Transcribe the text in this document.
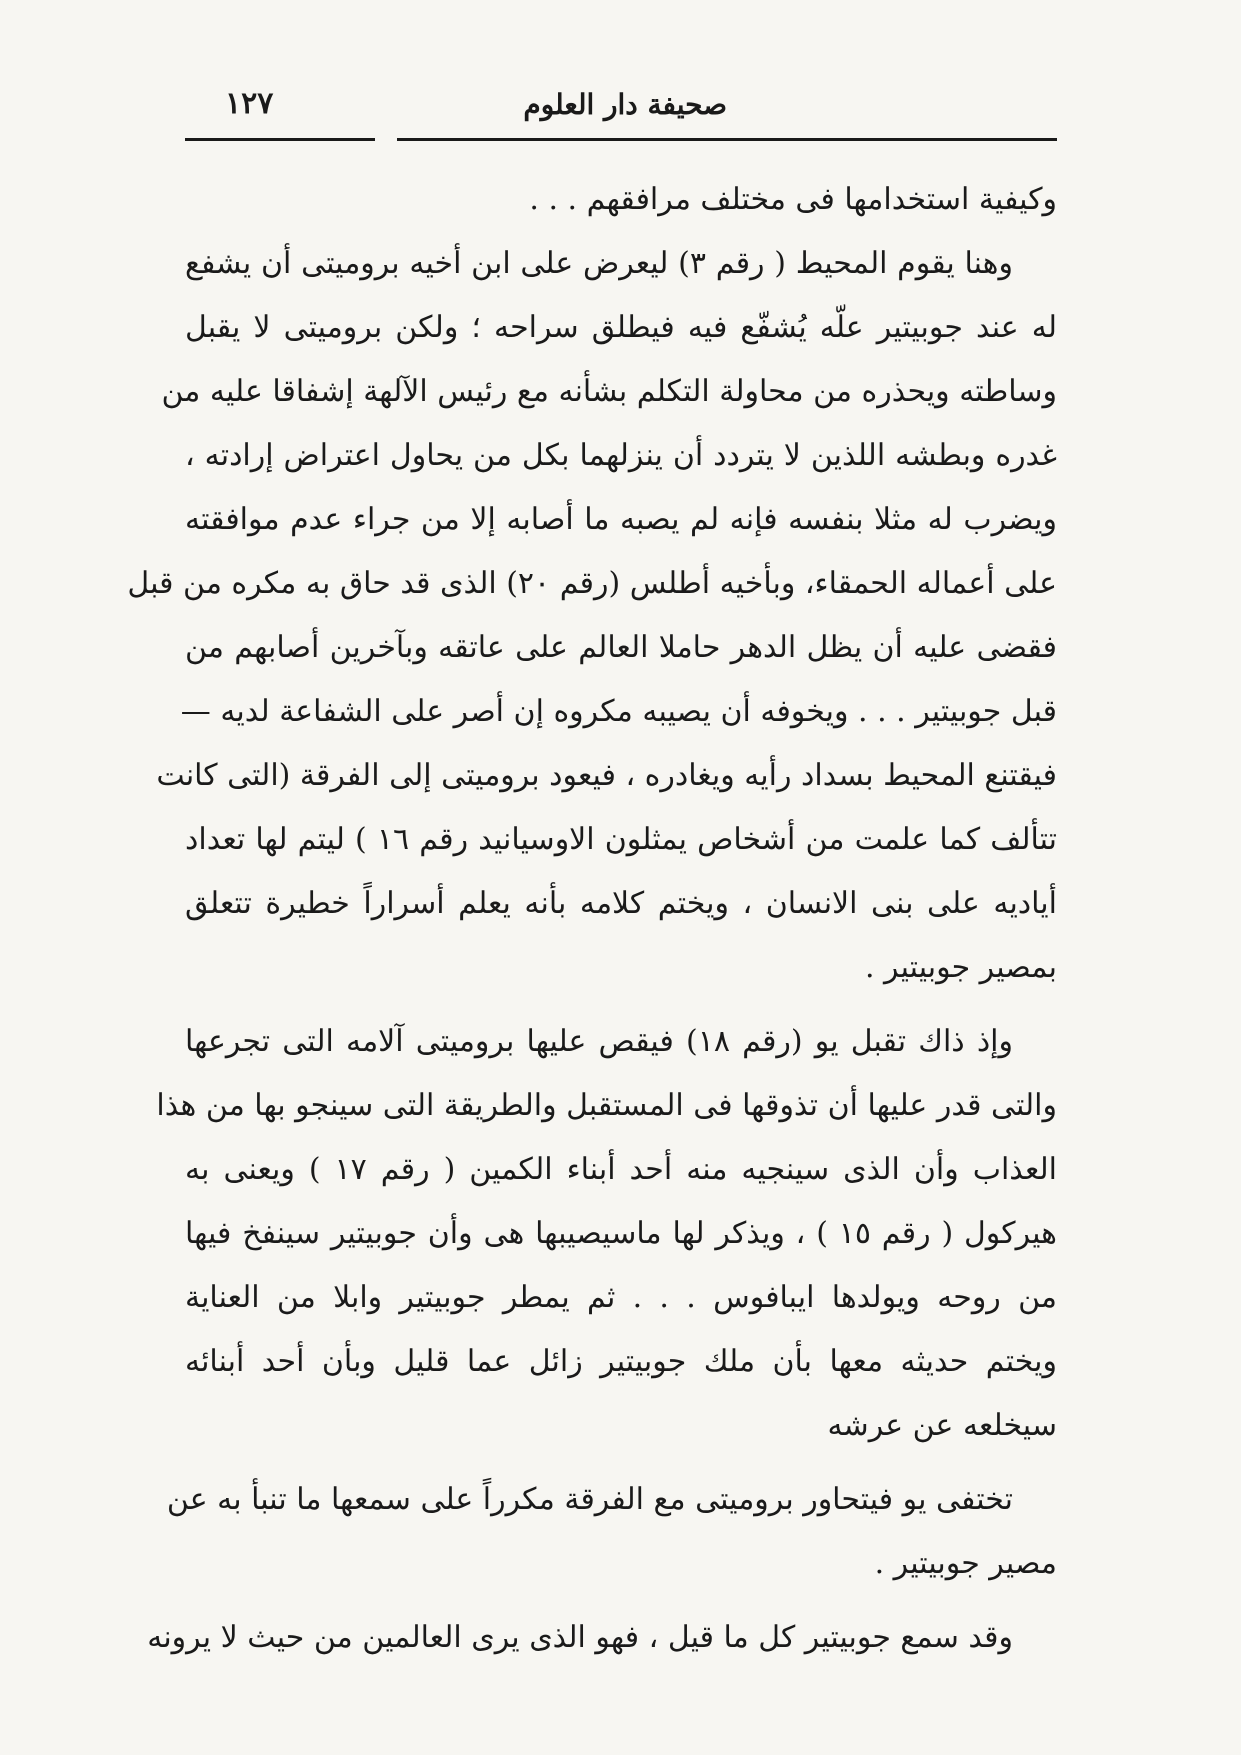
صحيفة دار العلوم
١٢٧
وكيفية استخدامها فى مختلف مرافقهم . . .
وهنا يقوم المحيط ( رقم ٣) ليعرض على ابن أخيه بروميتى أن يشفع
له عند جوبيتير علّه يُشفّع فيه فيطلق سراحه ؛ ولكن بروميتى لا يقبل
وساطته ويحذره من محاولة التكلم بشأنه مع رئيس الآلهة إشفاقا عليه من
غدره وبطشه اللذين لا يتردد أن ينزلهما بكل من يحاول اعتراض إرادته ،
ويضرب له مثلا بنفسه فإنه لم يصبه ما أصابه إلا من جراء عدم موافقته
على أعماله الحمقاء، وبأخيه أطلس (رقم ٢٠) الذى قد حاق به مكره من قبل
فقضى عليه أن يظل الدهر حاملا العالم على عاتقه وبآخرين أصابهم من
قبل جوبيتير . . . ويخوفه أن يصيبه مكروه إن أصر على الشفاعة لديه —
فيقتنع المحيط بسداد رأيه ويغادره ، فيعود بروميتى إلى الفرقة (التى كانت
تتألف كما علمت من أشخاص يمثلون الاوسيانيد رقم ١٦ ) ليتم لها تعداد
أياديه على بنى الانسان ، ويختم كلامه بأنه يعلم أسراراً خطيرة تتعلق
بمصير جوبيتير .
وإذ ذاك تقبل يو (رقم ١٨) فيقص عليها بروميتى آلامه التى تجرعها
والتى قدر عليها أن تذوقها فى المستقبل والطريقة التى سينجو بها من هذا
العذاب وأن الذى سينجيه منه أحد أبناء الكمين ( رقم ١٧ ) ويعنى به
هيركول ( رقم ١٥ ) ، ويذكر لها ماسيصيبها هى وأن جوبيتير سينفخ فيها
من روحه ويولدها ايبافوس . . . ثم يمطر جوبيتير وابلا من العناية
ويختم حديثه معها بأن ملك جوبيتير زائل عما قليل وبأن أحد أبنائه
سيخلعه عن عرشه
تختفى يو فيتحاور بروميتى مع الفرقة مكرراً على سمعها ما تنبأ به عن
مصير جوبيتير .
وقد سمع جوبيتير كل ما قيل ، فهو الذى يرى العالمين من حيث لا يرونه
